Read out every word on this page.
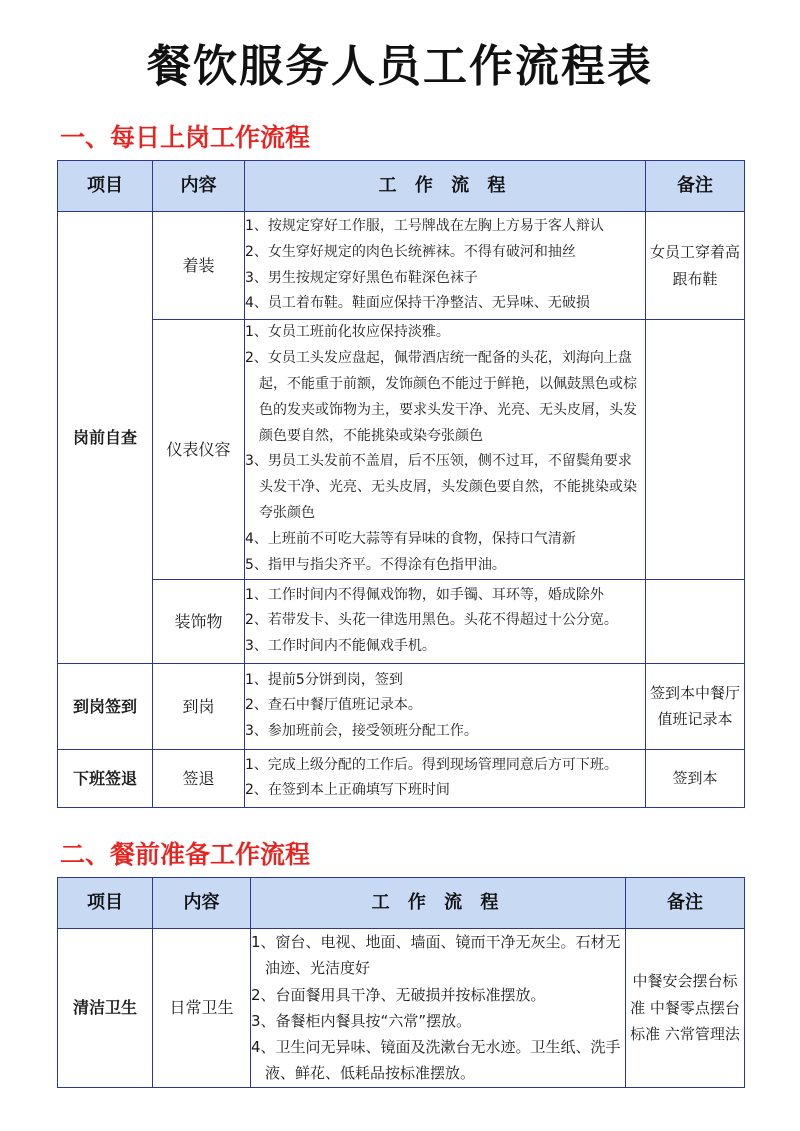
餐饮服务人员工作流程表
一、每日上岗工作流程
项目	内容	工 作 流 程	备注
岗前自查	着装	1、按规定穿好工作服，工号牌战在左胸上方易于客人辩认
2、女生穿好规定的肉色长统裤袜。不得有破河和抽丝
3、男生按规定穿好黑色布鞋深色袜子
4、员工着布鞋。鞋面应保持干净整洁、无异味、无破损	女员工穿着高跟布鞋
	仪表仪容	1、女员工班前化妆应保持淡雅。
2、女员工头发应盘起，佩带酒店统一配备的头花，刘海向上盘起，不能重于前额，发饰颜色不能过于鲜艳，以佩鼓黑色或棕色的发夹或饰物为主，要求头发干净、光亮、无头皮屑，头发颜色要自然，不能挑染或染夸张颜色
3、男员工头发前不盖眉，后不压领，侧不过耳，不留鬓角要求头发干净、光亮、无头皮屑，头发颜色要自然，不能挑染或染夸张颜色
4、上班前不可吃大蒜等有异味的食物，保持口气清新
5、指甲与指尖齐平。不得涂有色指甲油。	

	装饰物	1、工作时间内不得佩戏饰物，如手镯、耳环等，婚成除外
2、若带发卡、头花一律选用黑色。头花不得超过十公分宽。
3、工作时间内不能佩戏手机。	

到岗签到	到岗	1、提前5分饼到岗，签到
2、查石中餐厅值班记录本。
3、参加班前会，接受领班分配工作。	签到本中餐厅值班记录本
下班签退	签退	1、完成上级分配的工作后。得到现场管理同意后方可下班。
2、在签到本上正确填写下班时间	签到本
二、餐前准备工作流程
项目	内容	工 作 流 程	备注
清洁卫生	日常卫生	1、窗台、电视、地面、墙面、镜而干净无灰尘。石材无油迹、光洁度好
2、台面餐用具干净、无破损并按标准摆放。
3、备餐柜内餐具按“六常”摆放。
4、卫生问无异味、镜面及洗漱台无水迹。卫生纸、洗手液、鲜花、低耗品按标准摆放。	中餐安会摆台标准 中餐零点摆台标准 六常管理法
